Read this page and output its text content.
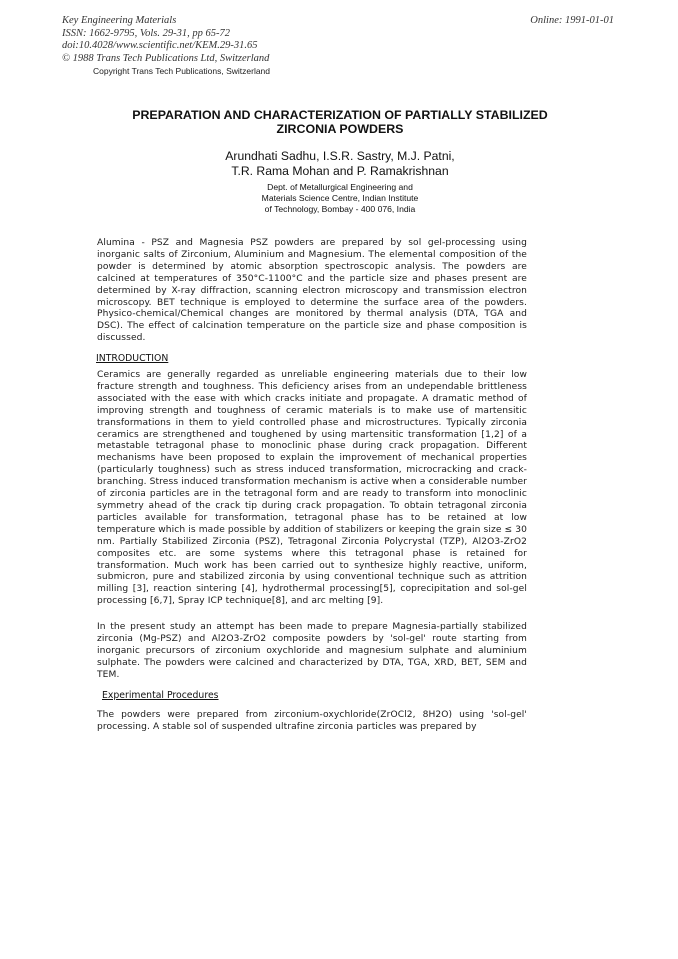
Key Engineering Materials
ISSN: 1662-9795, Vols. 29-31, pp 65-72
doi:10.4028/www.scientific.net/KEM.29-31.65
© 1988 Trans Tech Publications Ltd, Switzerland
Online: 1991-01-01
Copyright Trans Tech Publications, Switzerland
PREPARATION AND CHARACTERIZATION OF PARTIALLY STABILIZED
ZIRCONIA POWDERS
Arundhati Sadhu, I.S.R. Sastry, M.J. Patni,
T.R. Rama Mohan and P. Ramakrishnan
Dept. of Metallurgical Engineering and
Materials Science Centre, Indian Institute
of Technology, Bombay - 400 076, India
Alumina - PSZ and Magnesia PSZ powders are prepared by sol gel-processing using inorganic salts of Zirconium, Aluminium and Magnesium. The elemental composition of the powder is determined by atomic absorption spectroscopic analysis. The powders are calcined at temperatures of 350°C-1100°C and the particle size and phases present are determined by X-ray diffraction, scanning electron microscopy and transmission electron microscopy. BET technique is employed to determine the surface area of the powders. Physico-chemical/Chemical changes are monitored by thermal analysis (DTA, TGA and DSC). The effect of calcination temperature on the particle size and phase composition is discussed.
INTRODUCTION
Ceramics are generally regarded as unreliable engineering materials due to their low fracture strength and toughness. This deficiency arises from an undependable brittleness associated with the ease with which cracks initiate and propagate. A dramatic method of improving strength and toughness of ceramic materials is to make use of martensitic transformations in them to yield controlled phase and microstructures. Typically zirconia ceramics are strengthened and toughened by using martensitic transformation [1,2] of a metastable tetragonal phase to monoclinic phase during crack propagation. Different mechanisms have been proposed to explain the improvement of mechanical properties (particularly toughness) such as stress induced transformation, microcracking and crack-branching. Stress induced transformation mechanism is active when a considerable number of zirconia particles are in the tetragonal form and are ready to transform into monoclinic symmetry ahead of the crack tip during crack propagation. To obtain tetragonal zirconia particles available for transformation, tetragonal phase has to be retained at low temperature which is made possible by addition of stabilizers or keeping the grain size ≤ 30 nm. Partially Stabilized Zirconia (PSZ), Tetragonal Zirconia Polycrystal (TZP), Al2O3-ZrO2 composites etc. are some systems where this tetragonal phase is retained for transformation. Much work has been carried out to synthesize highly reactive, uniform, submicron, pure and stabilized zirconia by using conventional technique such as attrition milling [3], reaction sintering [4], hydrothermal processing[5], coprecipitation and sol-gel processing [6,7], Spray ICP technique[8], and arc melting [9].
In the present study an attempt has been made to prepare Magnesia-partially stabilized zirconia (Mg-PSZ) and Al2O3-ZrO2 composite powders by 'sol-gel' route starting from inorganic precursors of zirconium oxychloride and magnesium sulphate and aluminium sulphate. The powders were calcined and characterized by DTA, TGA, XRD, BET, SEM and TEM.
Experimental Procedures
The powders were prepared from zirconium-oxychloride(ZrOCl2, 8H2O) using 'sol-gel' processing. A stable sol of suspended ultrafine zirconia particles was prepared by
